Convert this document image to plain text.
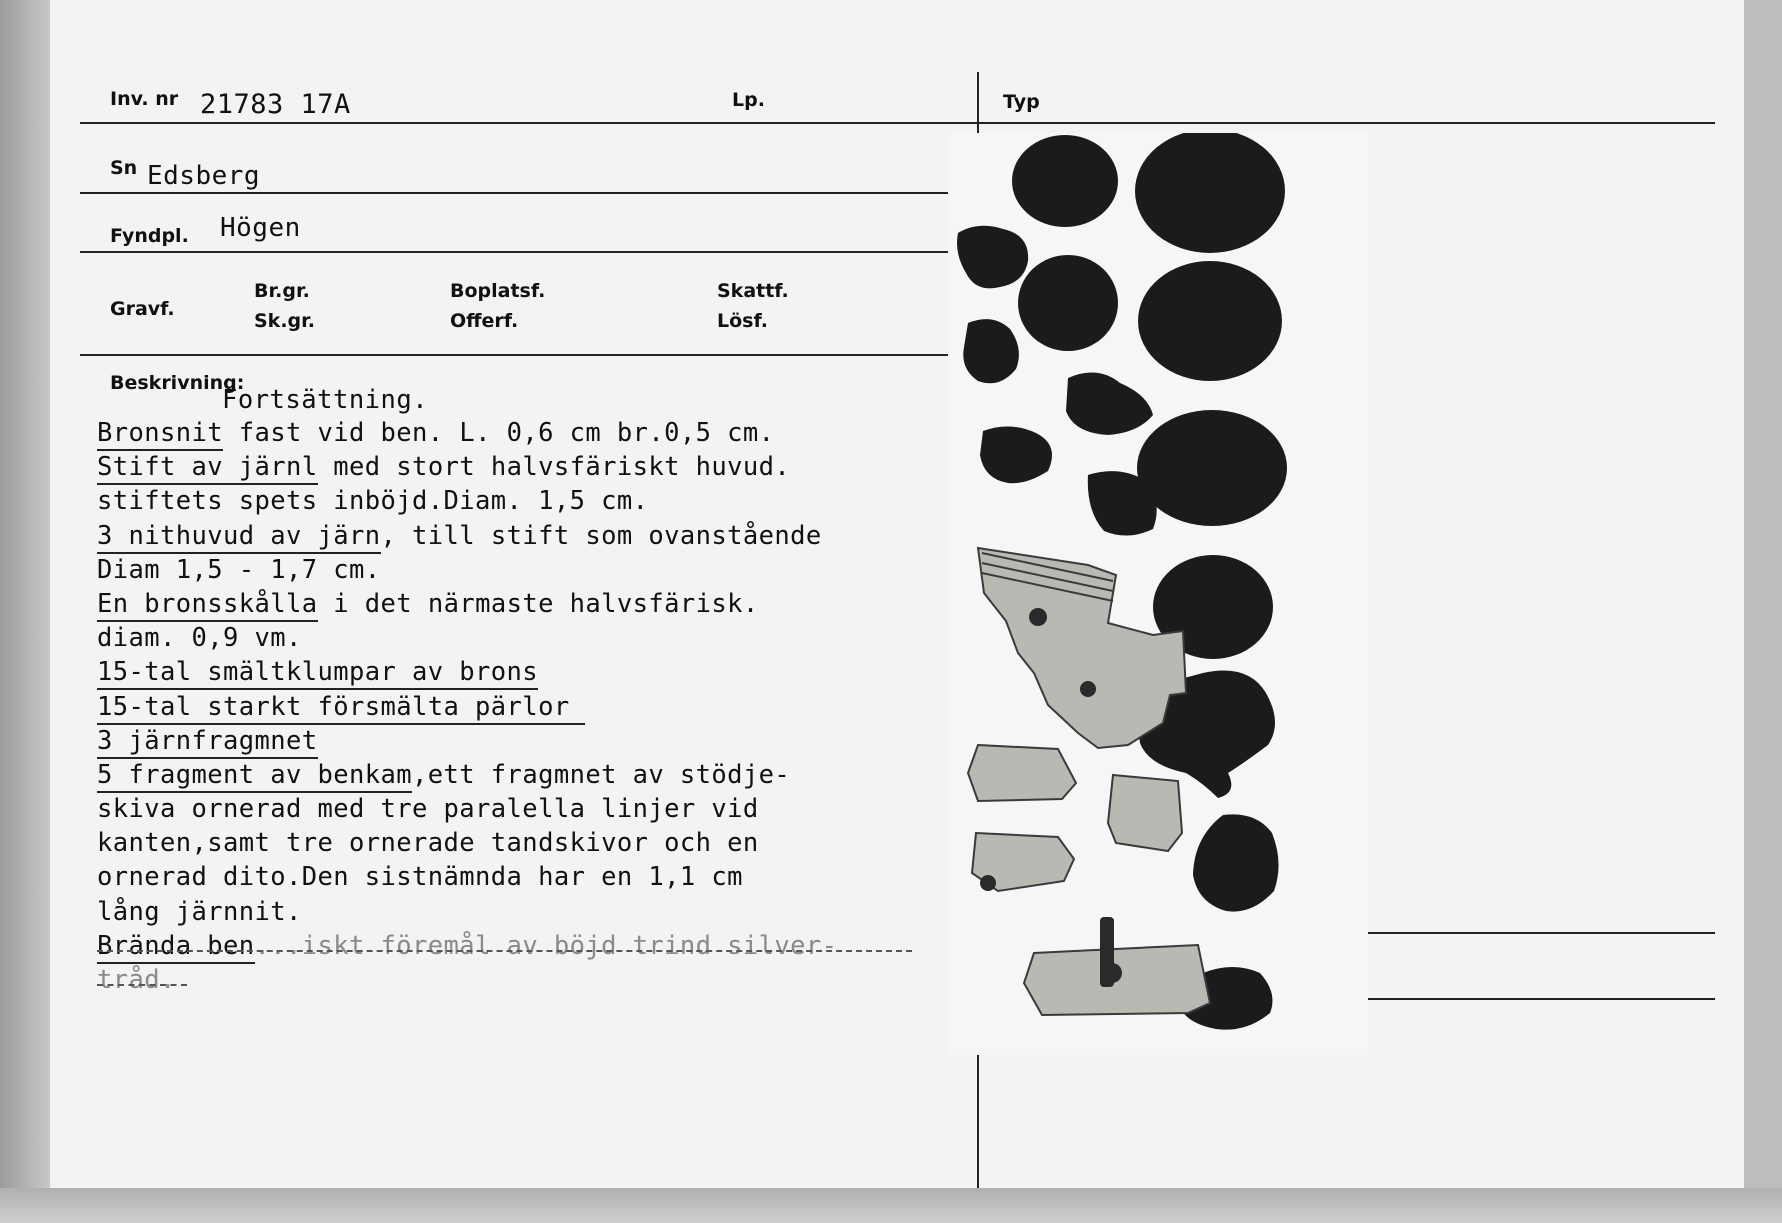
Inv. nr 21783 17A	Lp.	Typ
Sn Edsberg
Fyndpl. Högen
Gravf.
Br.gr.
Sk.gr.
Boplatsf.
Offerf.
Skattf.
Lösf.
Beskrivning:
Fortsättning.
Bronsnit fast vid ben. L. 0,6 cm br.0,5 cm.
Stift av järnl med stort halvsfäriskt huvud.
stiftets spets inböjd.Diam. 1,5 cm.
3 nithuvud av järn, till stift som ovanstående
Diam 1,5 - 1,7 cm.
En bronsskålla i det närmaste halvsfärisk.
diam. 0,9 vm.
15-tal smältklumpar av brons
15-tal starkt försmälta pärlor
3 järnfragmnet
5 fragment av benkam,ett fragmnet av stödje-
skiva ornerad med tre paralella linjer vid
kanten,samt tre ornerade tandskivor och en
ornerad dito.Den sistnämnda har en 1,1 cm
lång järnnit.
Brända ben...iskt föremål av böjd trind silver-
tråd.
